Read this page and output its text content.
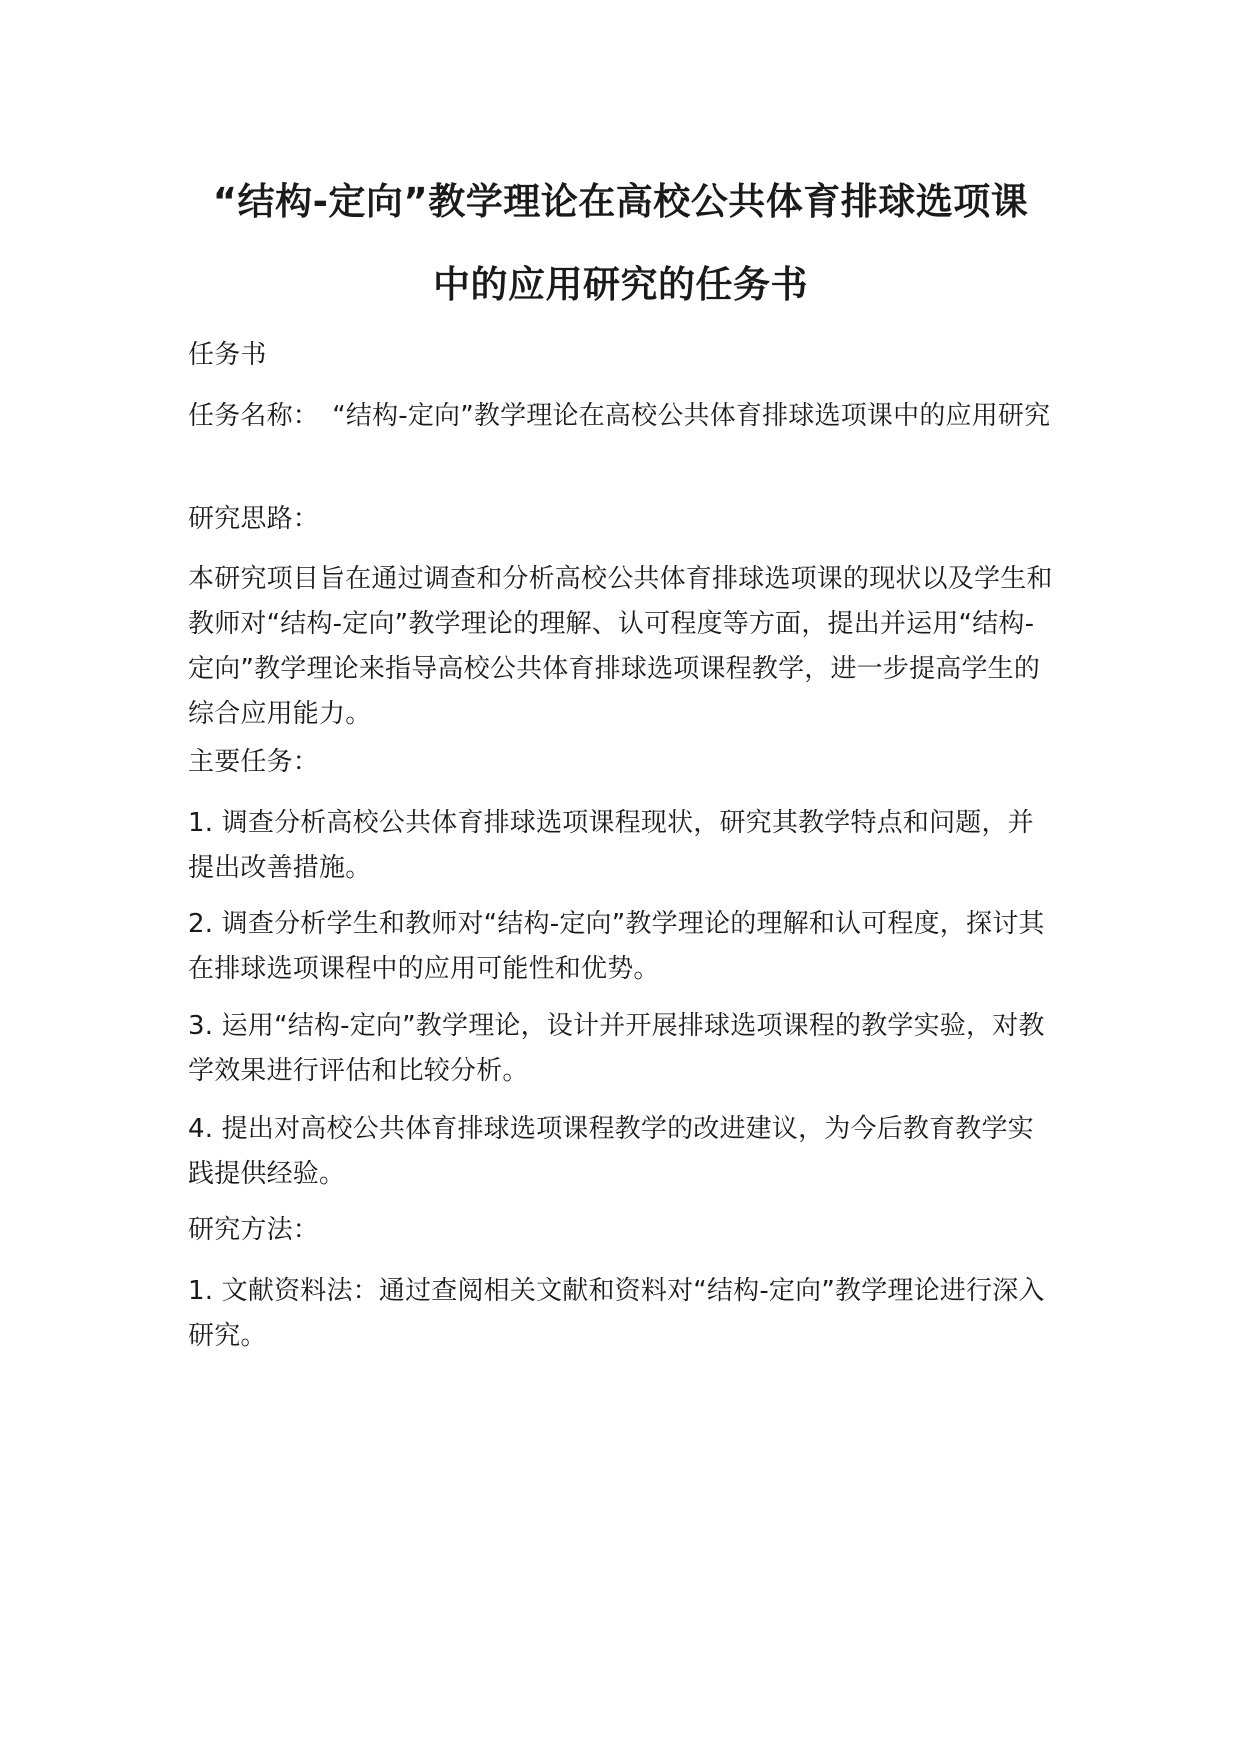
“结构-定向”教学理论在高校公共体育排球选项课
中的应用研究的任务书

任务书

任务名称：　“结构-定向”教学理论在高校公共体育排球选项课中的应用研究

研究思路：

本研究项目旨在通过调查和分析高校公共体育排球选项课的现状以及学生和教师对“结构-定向”教学理论的理解、认可程度等方面，提出并运用“结构-定向”教学理论来指导高校公共体育排球选项课程教学，进一步提高学生的综合应用能力。

主要任务：

1. 调查分析高校公共体育排球选项课程现状，研究其教学特点和问题，并提出改善措施。

2. 调查分析学生和教师对“结构-定向”教学理论的理解和认可程度，探讨其在排球选项课程中的应用可能性和优势。

3. 运用“结构-定向”教学理论，设计并开展排球选项课程的教学实验，对教学效果进行评估和比较分析。

4. 提出对高校公共体育排球选项课程教学的改进建议，为今后教育教学实践提供经验。

研究方法：

1. 文献资料法：通过查阅相关文献和资料对“结构-定向”教学理论进行深入研究。
